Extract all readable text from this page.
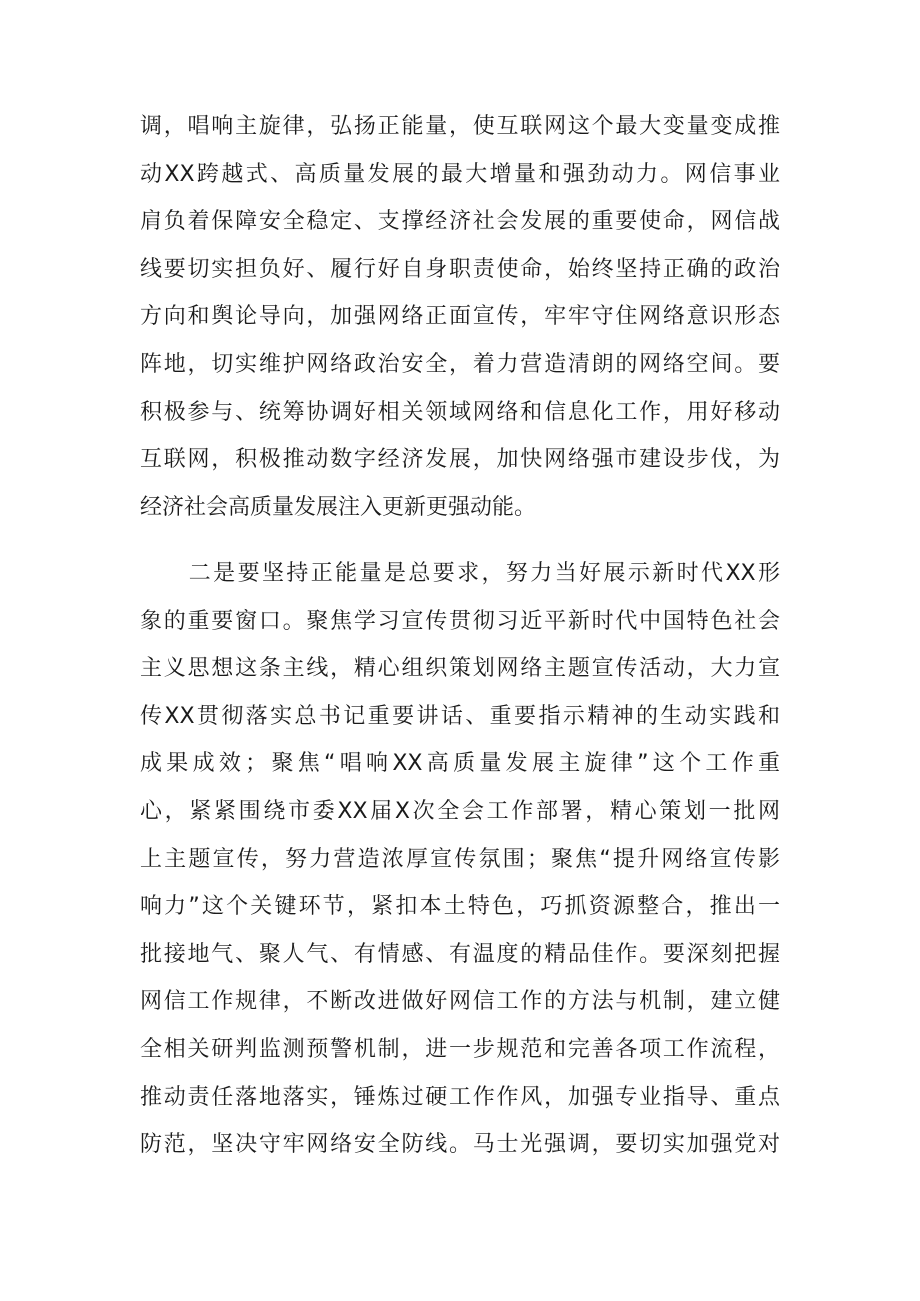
调，唱响主旋律，弘扬正能量，使互联网这个最大变量变成推
动XX跨越式、高质量发展的最大增量和强劲动力。网信事业
肩负着保障安全稳定、支撑经济社会发展的重要使命，网信战
线要切实担负好、履行好自身职责使命，始终坚持正确的政治
方向和舆论导向，加强网络正面宣传，牢牢守住网络意识形态
阵地，切实维护网络政治安全，着力营造清朗的网络空间。要
积极参与、统筹协调好相关领域网络和信息化工作，用好移动
互联网，积极推动数字经济发展，加快网络强市建设步伐，为
经济社会高质量发展注入更新更强动能。
　　二是要坚持正能量是总要求，努力当好展示新时代XX形
象的重要窗口。聚焦学习宣传贯彻习近平新时代中国特色社会
主义思想这条主线，精心组织策划网络主题宣传活动，大力宣
传XX贯彻落实总书记重要讲话、重要指示精神的生动实践和
成果成效；聚焦“唱响XX高质量发展主旋律”这个工作重
心，紧紧围绕市委XX届X次全会工作部署，精心策划一批网
上主题宣传，努力营造浓厚宣传氛围；聚焦“提升网络宣传影
响力”这个关键环节，紧扣本土特色，巧抓资源整合，推出一
批接地气、聚人气、有情感、有温度的精品佳作。要深刻把握
网信工作规律，不断改进做好网信工作的方法与机制，建立健
全相关研判监测预警机制，进一步规范和完善各项工作流程，
推动责任落地落实，锤炼过硬工作作风，加强专业指导、重点
防范，坚决守牢网络安全防线。马士光强调，要切实加强党对
